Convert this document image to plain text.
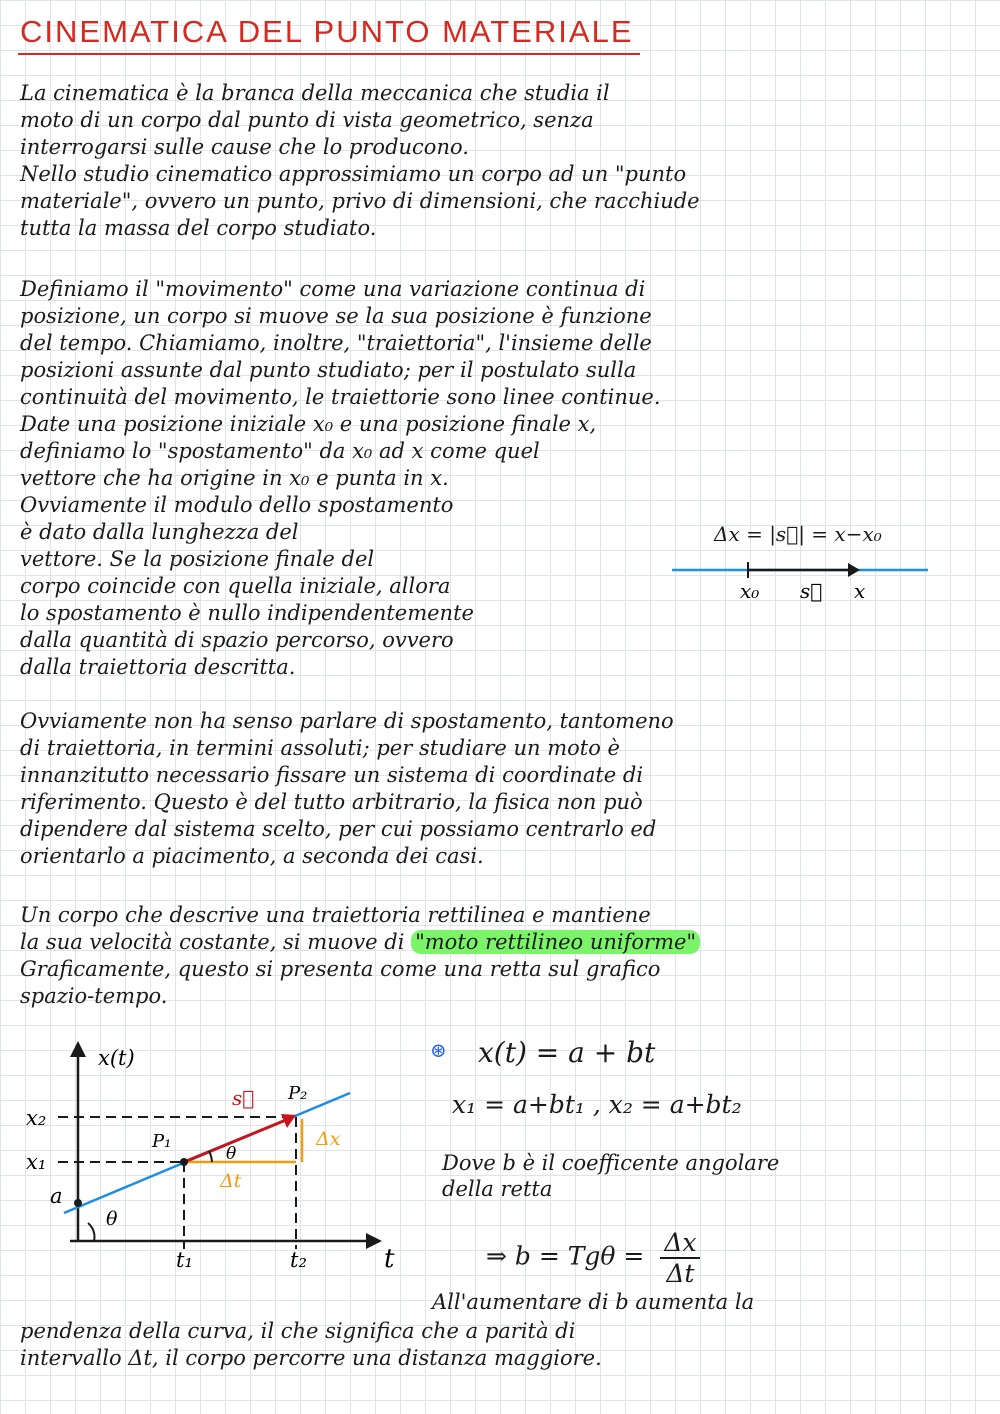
CINEMATICA DEL PUNTO MATERIALE
La cinematica è la branca della meccanica che studia il
moto di un corpo dal punto di vista geometrico, senza
interrogarsi sulle cause che lo producono.
Nello studio cinematico approssimiamo un corpo ad un "punto
materiale", ovvero un punto, privo di dimensioni, che racchiude
tutta la massa del corpo studiato.
Definiamo il "movimento" come una variazione continua di
posizione, un corpo si muove se la sua posizione è funzione
del tempo. Chiamiamo, inoltre, "traiettoria", l'insieme delle
posizioni assunte dal punto studiato; per il postulato sulla
continuità del movimento, le traiettorie sono linee continue.
Date una posizione iniziale x₀ e una posizione finale x,
definiamo lo "spostamento" da x₀ ad x come quel
vettore che ha origine in x₀ e punta in x.
Ovviamente il modulo dello spostamento
è dato dalla lunghezza del
vettore. Se la posizione finale del
corpo coincide con quella iniziale, allora
lo spostamento è nullo indipendentemente
dalla quantità di spazio percorso, ovvero
dalla traiettoria descritta.
Δx = |s⃗| = x−x₀
x₀ s⃗ x
Ovviamente non ha senso parlare di spostamento, tantomeno
di traiettoria, in termini assoluti; per studiare un moto è
innanzitutto necessario fissare un sistema di coordinate di
riferimento. Questo è del tutto arbitrario, la fisica non può
dipendere dal sistema scelto, per cui possiamo centrarlo ed
orientarlo a piacimento, a seconda dei casi.
Un corpo che descrive una traiettoria rettilinea e mantiene
la sua velocità costante, si muove di "moto rettilineo uniforme"
Graficamente, questo si presenta come una retta sul grafico
spazio-tempo.
x(t)
t
x₂
x₁
a
t₁	t₂
P₁
P₂
s⃗
θ
θ
Δx
Δt
⊛ x(t) = a + bt
x₁ = a+bt₁ , x₂ = a+bt₂
Dove b è il coefficente angolare
della retta
⇒ $b = Tg\theta = \frac{\Delta x}{\Delta t}$
All'aumentare di b aumenta la
pendenza della curva, il che significa che a parità di
intervallo Δt, il corpo percorre una distanza maggiore.
